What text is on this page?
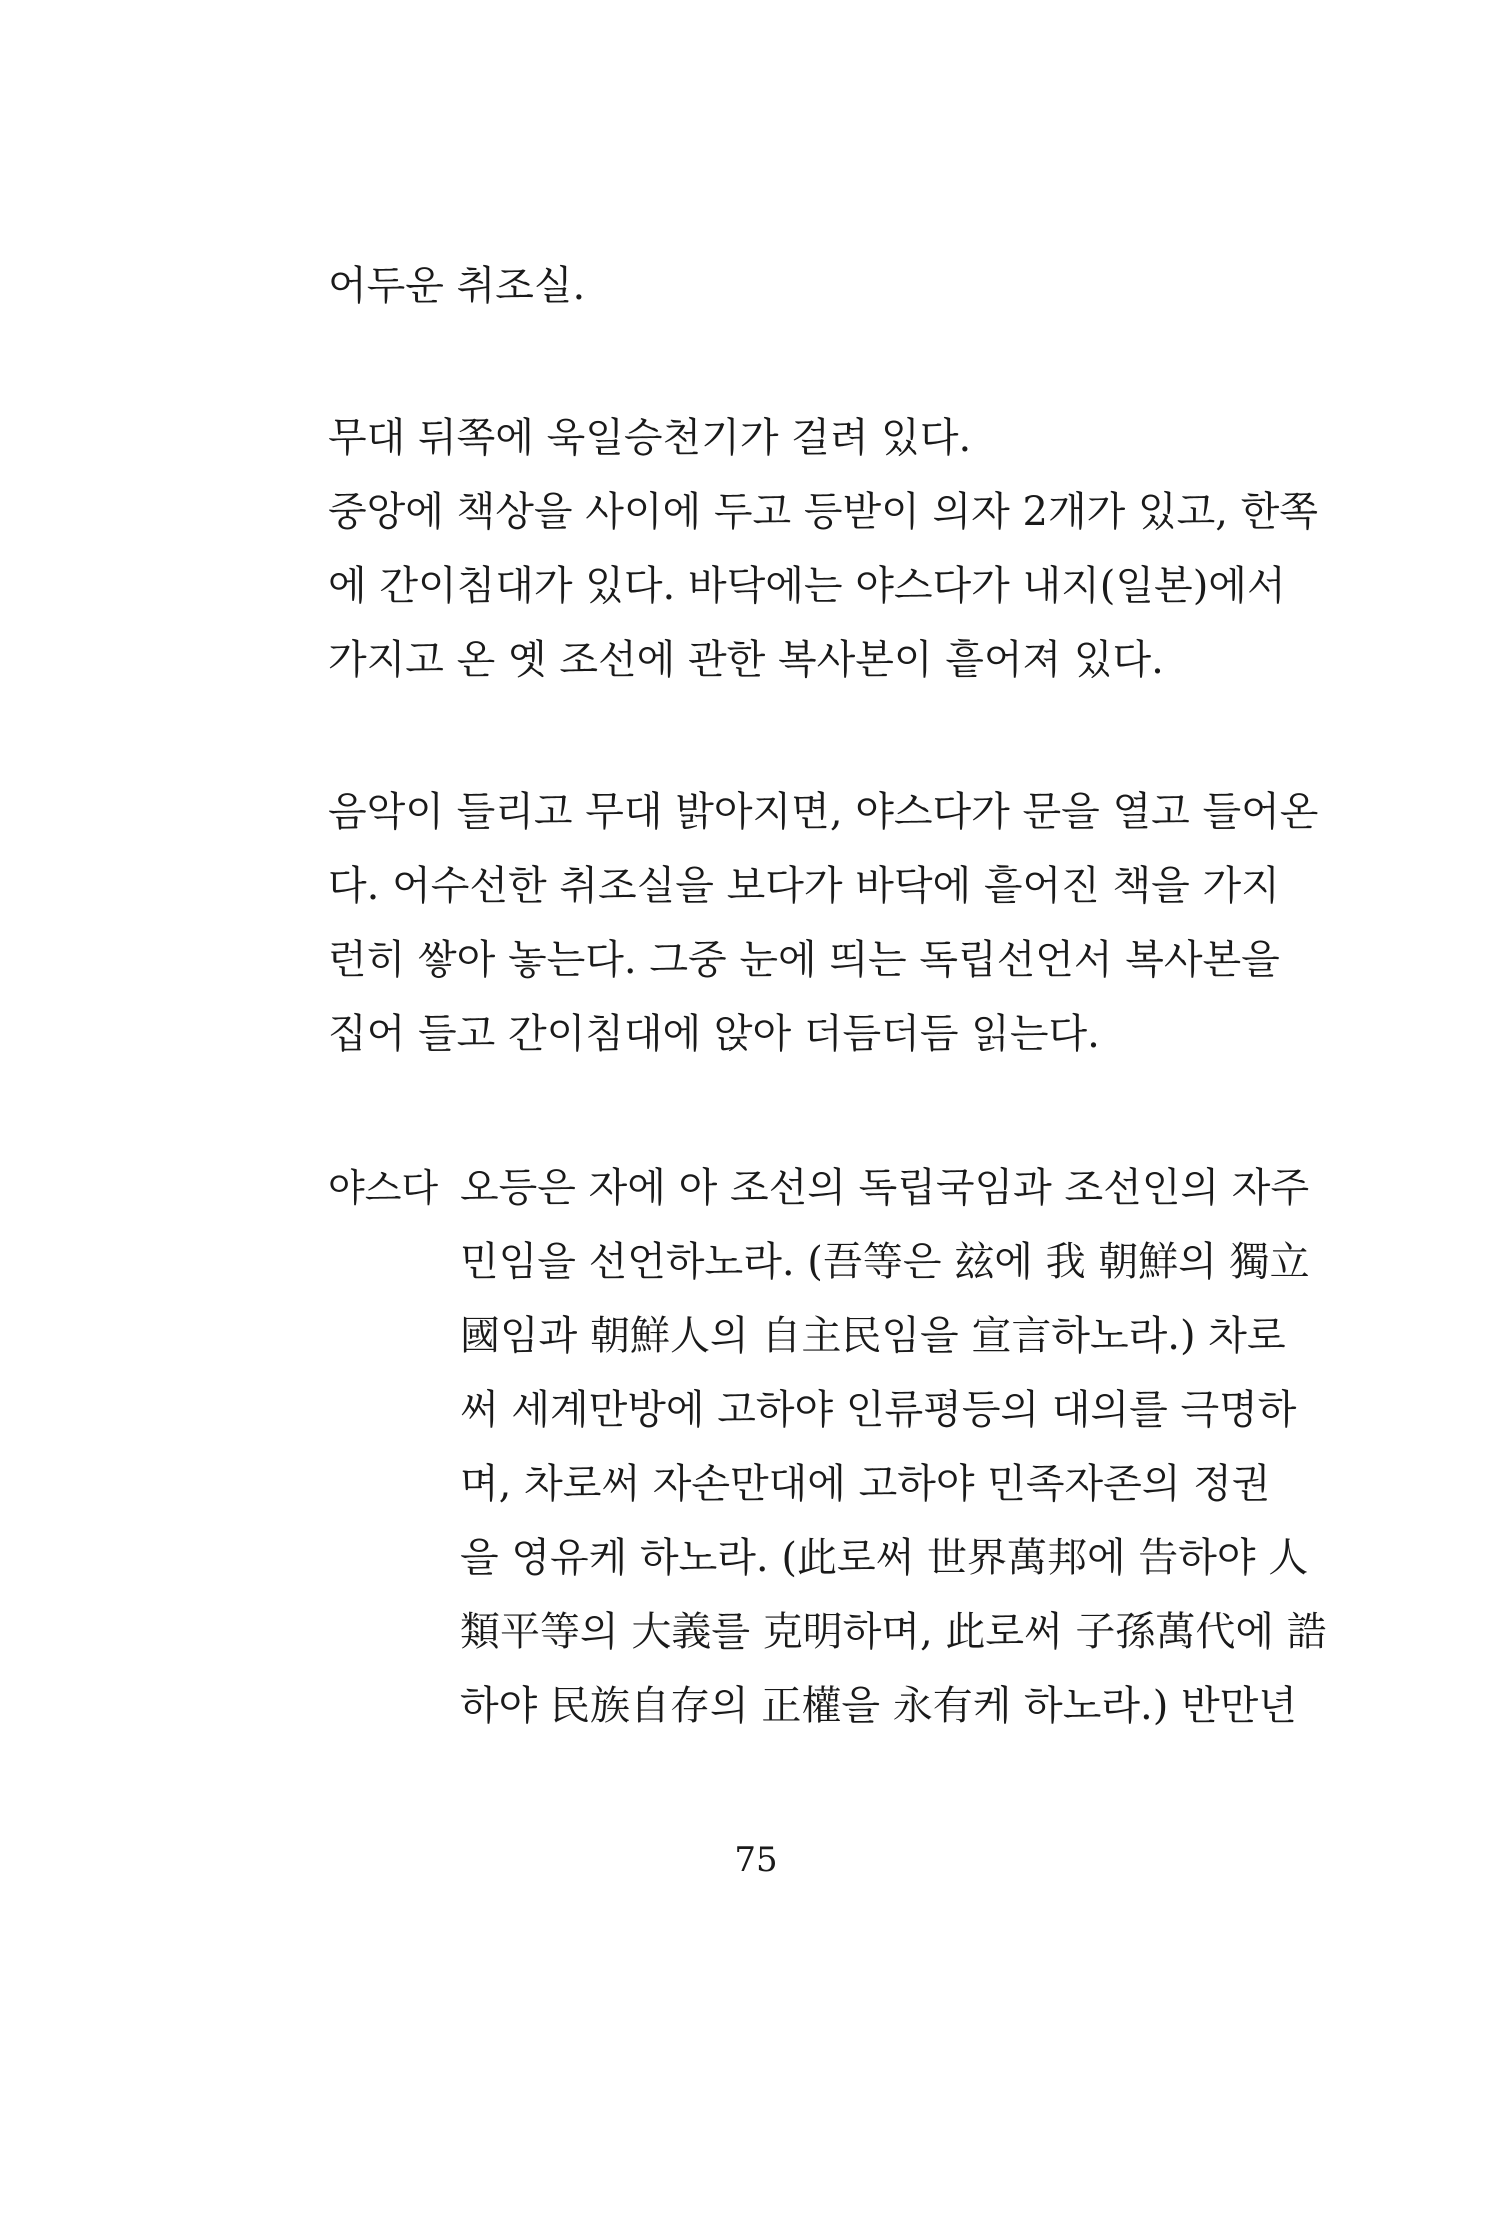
어두운 취조실.

무대 뒤쪽에 욱일승천기가 걸려 있다.

중앙에 책상을 사이에 두고 등받이 의자 2개가 있고, 한쪽

에 간이침대가 있다. 바닥에는 야스다가 내지(일본)에서

가지고 온 옛 조선에 관한 복사본이 흩어져 있다.

음악이 들리고 무대 밝아지면, 야스다가 문을 열고 들어온

다. 어수선한 취조실을 보다가 바닥에 흩어진 책을 가지

런히 쌓아 놓는다. 그중 눈에 띄는 독립선언서 복사본을

집어 들고 간이침대에 앉아 더듬더듬 읽는다.

야스다 오등은 자에 아 조선의 독립국임과 조선인의 자주
민임을 선언하노라. (吾等은 玆에 我 朝鮮의 獨立
國임과 朝鮮人의 自主民임을 宣言하노라.) 차로
써 세계만방에 고하야 인류평등의 대의를 극명하
며, 차로써 자손만대에 고하야 민족자존의 정권
을 영유케 하노라. (此로써 世界萬邦에 告하야 人
類平等의 大義를 克明하며, 此로써 子孫萬代에 誥
하야 民族自存의 正權을 永有케 하노라.) 반만년
75
